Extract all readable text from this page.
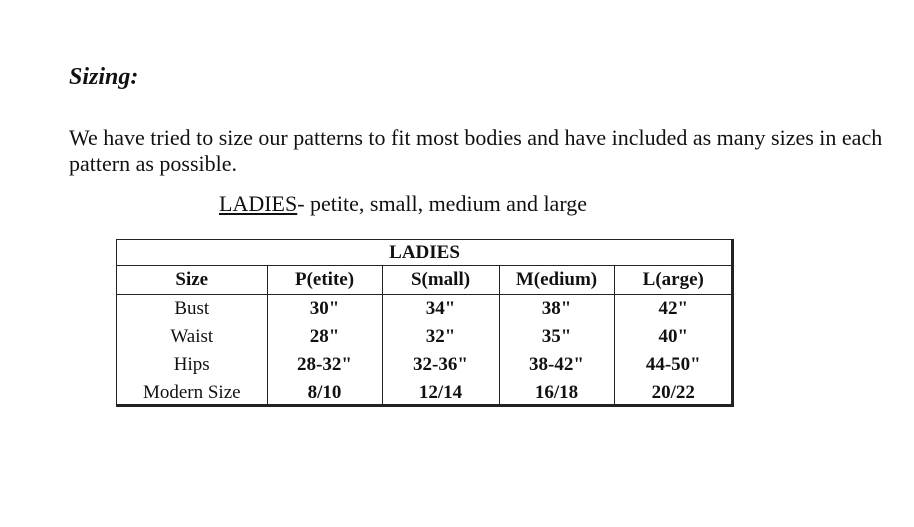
Sizing:

We have tried to size our patterns to fit most bodies and have included as many sizes in each pattern as possible.

LADIES- petite, small, medium and large
LADIES				
Size	P(etite)	S(mall)	M(edium)	L(arge)
Bust	30"	34"	38"	42"
Waist	28"	32"	35"	40"
Hips	28-32"	32-36"	38-42"	44-50"
Modern Size	8/10	12/14	16/18	20/22
